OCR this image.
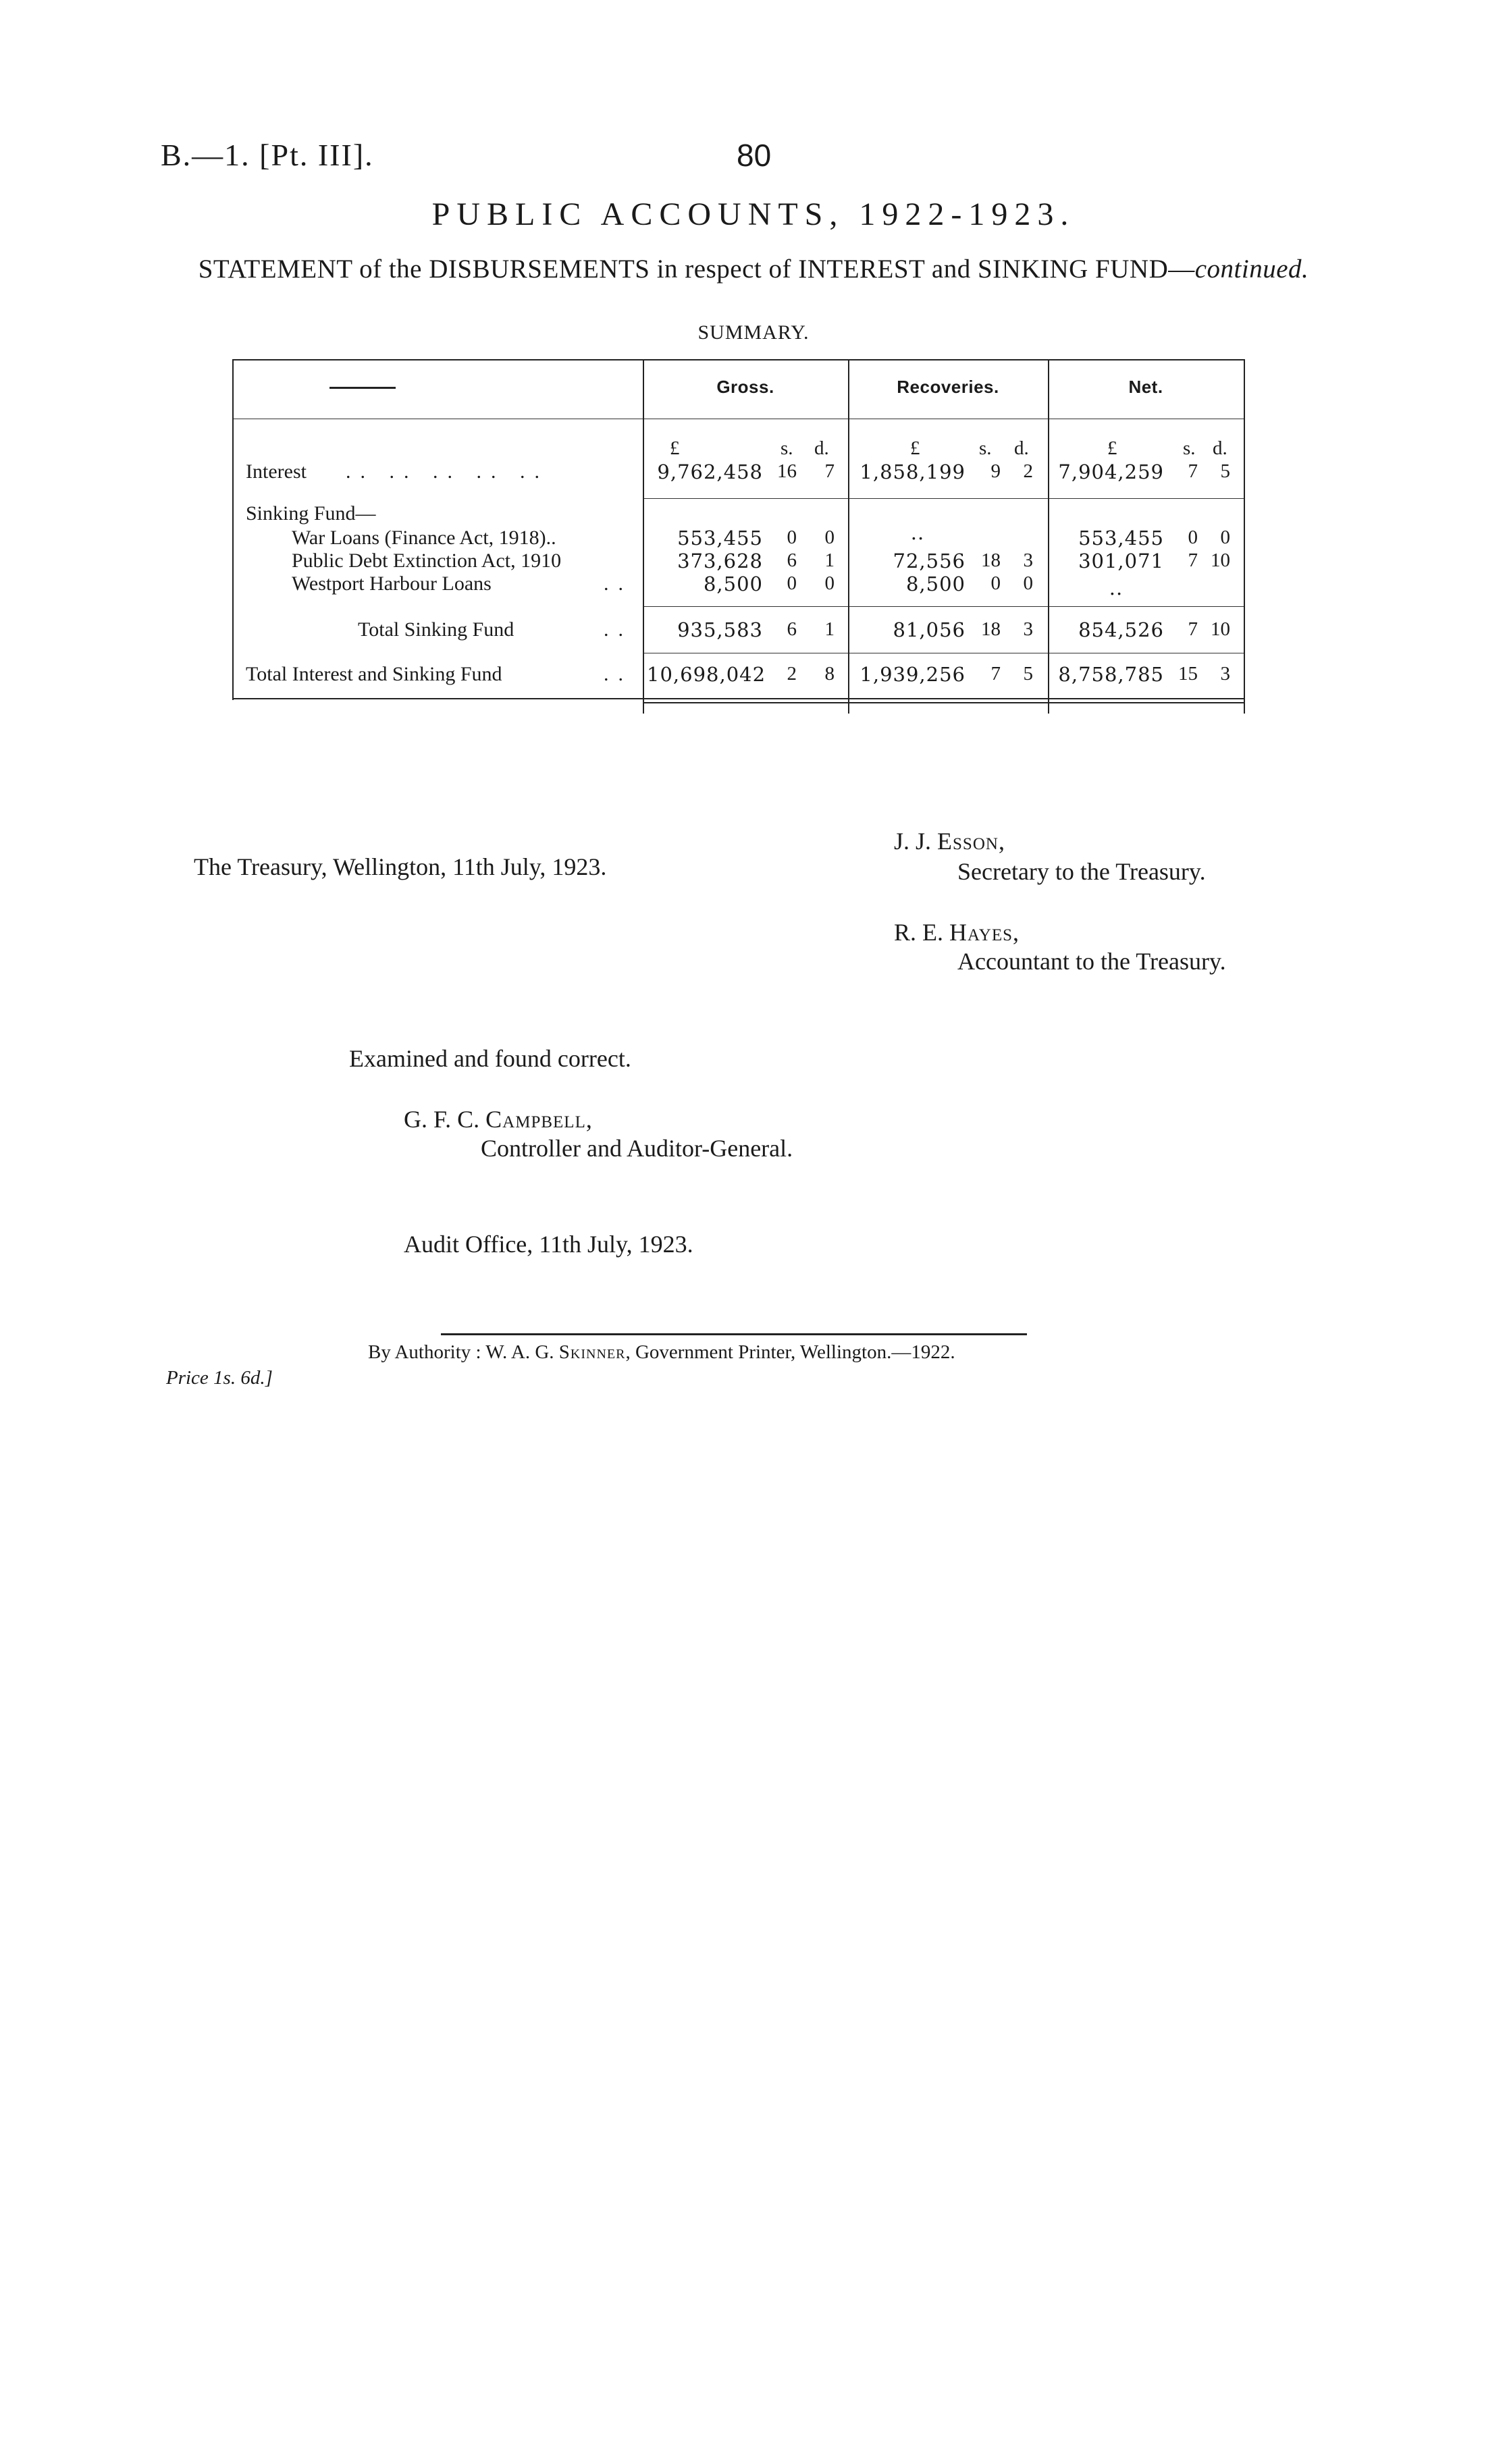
B.—1. [Pt. III].	80
PUBLIC ACCOUNTS, 1922-1923.
STATEMENT of the DISBURSEMENTS in respect of INTEREST and SINKING FUND—continued.
SUMMARY.
Gross.	Recoveries.	Net.
£	s. d.	£	s. d.	£	s. d.
Interest .. .. .. .. ..	9,762,458 16	7	1,858,199	9	2	7,904,259	7	5
Sinking Fund—
War Loans (Finance Act, 1918)..	553,455	0	0	..	553,455	0	0
Public Debt Extinction Act, 1910	373,628	6	1	72,556 18	3	301,071	7 10
Westport Harbour Loans	..	8,500	0	0	8,500	0	0	..
Total Sinking Fund	..	935,583	6	1	81,056 18	3	854,526	7 10
Total Interest and Sinking Fund	.. 10,698,042	2	8	1,939,256	7	5	8,758,785 15	3
The Treasury, Wellington, 11th July, 1923.
J. J. Esson,
Secretary to the Treasury.
R. E. Hayes,
Accountant to the Treasury.
Examined and found correct.
G. F. C. Campbell,
Controller and Auditor-General.
Audit Office, 11th July, 1923.
By Authority : W. A. G. Skinner, Government Printer, Wellington.—1922.
Price 1s. 6d.]
